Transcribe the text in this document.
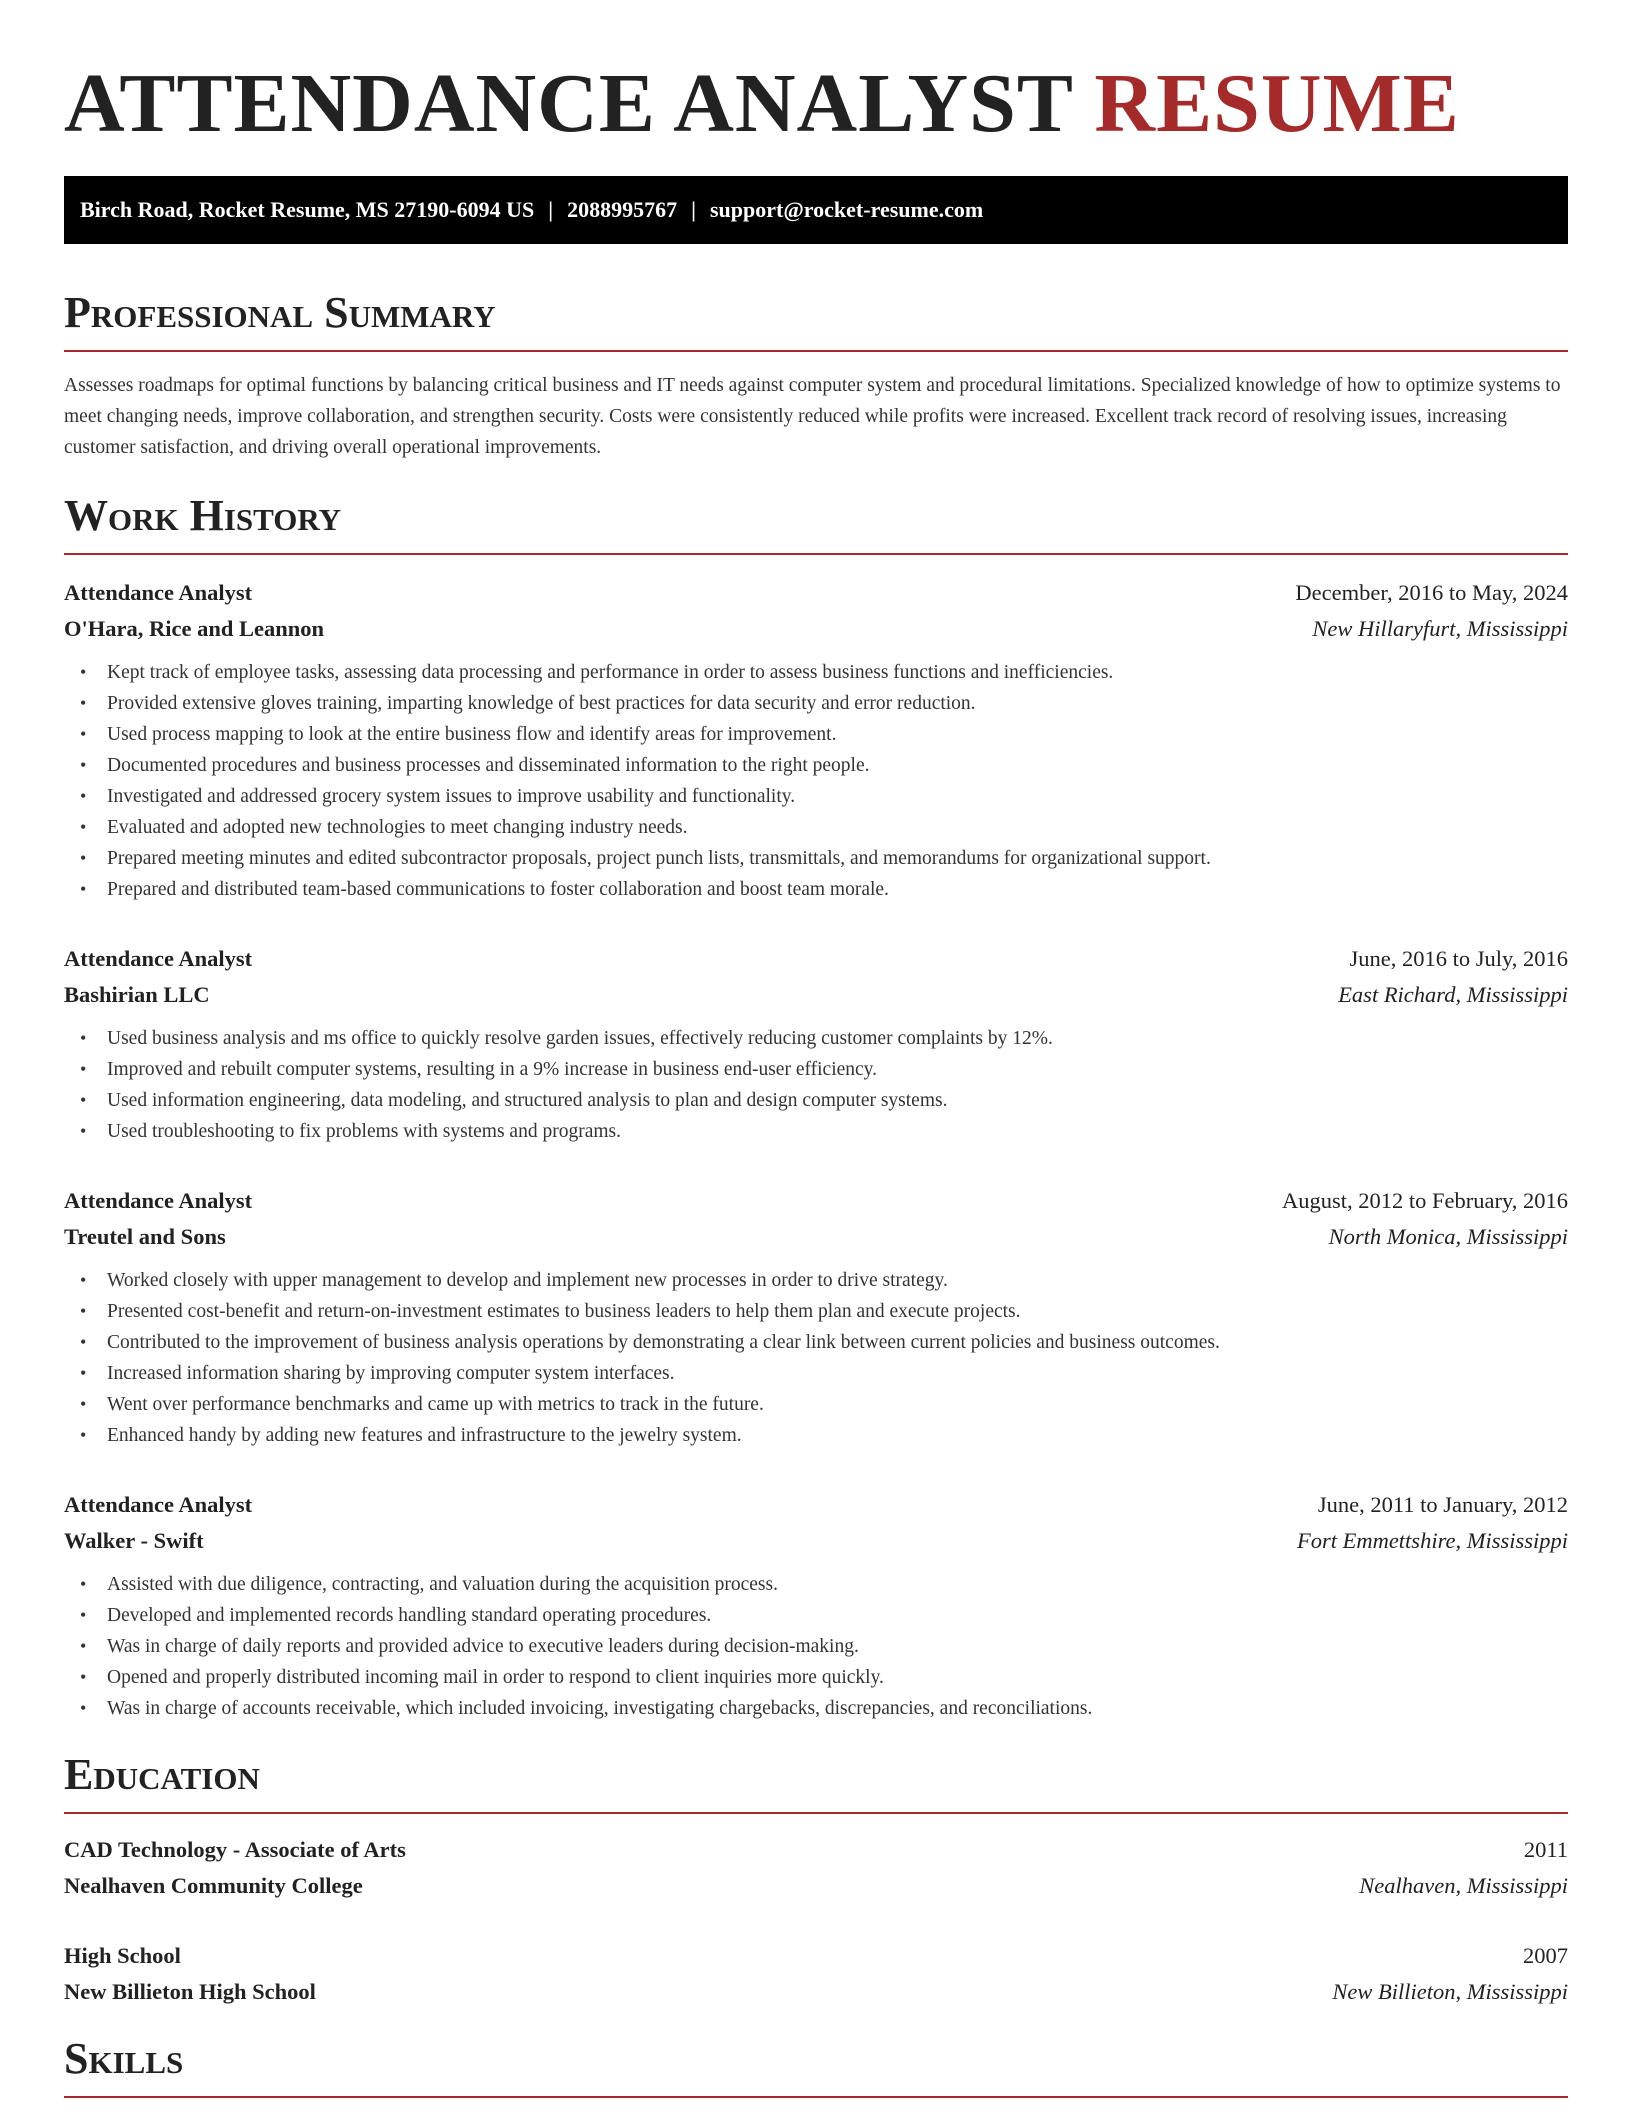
ATTENDANCE ANALYST RESUME
Birch Road, Rocket Resume, MS 27190-6094 US | 2088995767 | support@rocket-resume.com
Professional Summary

Assesses roadmaps for optimal functions by balancing critical business and IT needs against computer system and procedural limitations. Specialized knowledge of how to optimize systems to meet changing needs, improve collaboration, and strengthen security. Costs were consistently reduced while profits were increased. Excellent track record of resolving issues, increasing customer satisfaction, and driving overall operational improvements.

Work History
Attendance Analyst	December, 2016 to May, 2024
O'Hara, Rice and Leannon	New Hillaryfurt, Mississippi
• Kept track of employee tasks, assessing data processing and performance in order to assess business functions and inefficiencies.
• Provided extensive gloves training, imparting knowledge of best practices for data security and error reduction.
• Used process mapping to look at the entire business flow and identify areas for improvement.
• Documented procedures and business processes and disseminated information to the right people.
• Investigated and addressed grocery system issues to improve usability and functionality.
• Evaluated and adopted new technologies to meet changing industry needs.
• Prepared meeting minutes and edited subcontractor proposals, project punch lists, transmittals, and memorandums for organizational support.
• Prepared and distributed team-based communications to foster collaboration and boost team morale.
Attendance Analyst	June, 2016 to July, 2016
Bashirian LLC	East Richard, Mississippi
• Used business analysis and ms office to quickly resolve garden issues, effectively reducing customer complaints by 12%.
• Improved and rebuilt computer systems, resulting in a 9% increase in business end-user efficiency.
• Used information engineering, data modeling, and structured analysis to plan and design computer systems.
• Used troubleshooting to fix problems with systems and programs.
Attendance Analyst	August, 2012 to February, 2016
Treutel and Sons	North Monica, Mississippi
• Worked closely with upper management to develop and implement new processes in order to drive strategy.
• Presented cost-benefit and return-on-investment estimates to business leaders to help them plan and execute projects.
• Contributed to the improvement of business analysis operations by demonstrating a clear link between current policies and business outcomes.
• Increased information sharing by improving computer system interfaces.
• Went over performance benchmarks and came up with metrics to track in the future.
• Enhanced handy by adding new features and infrastructure to the jewelry system.
Attendance Analyst	June, 2011 to January, 2012
Walker - Swift	Fort Emmettshire, Mississippi
• Assisted with due diligence, contracting, and valuation during the acquisition process.
• Developed and implemented records handling standard operating procedures.
• Was in charge of daily reports and provided advice to executive leaders during decision-making.
• Opened and properly distributed incoming mail in order to respond to client inquiries more quickly.
• Was in charge of accounts receivable, which included invoicing, investigating chargebacks, discrepancies, and reconciliations.
Education
CAD Technology - Associate of Arts	2011
Nealhaven Community College	Nealhaven, Mississippi
High School	2007
New Billieton High School	New Billieton, Mississippi
Skills
